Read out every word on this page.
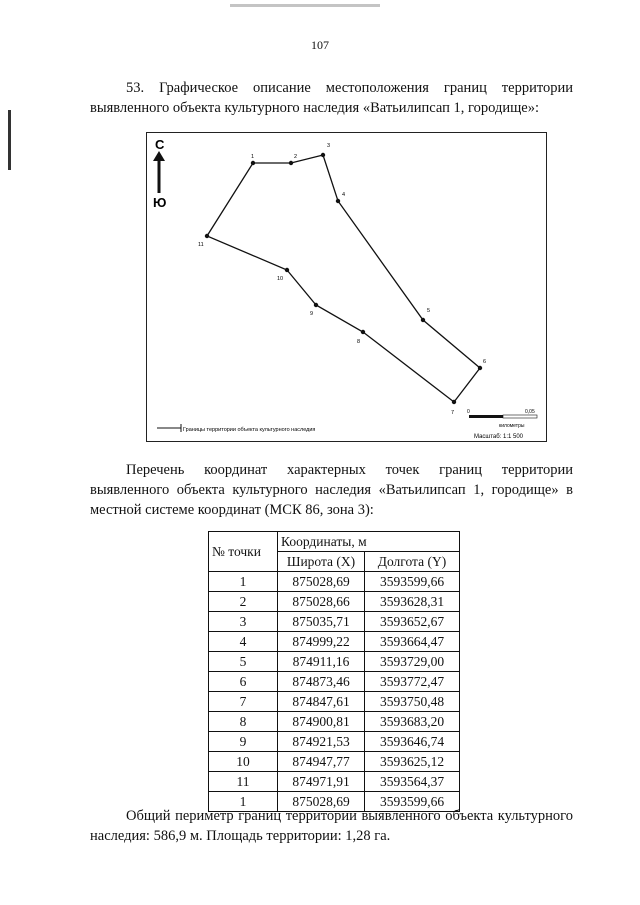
107

53. Графическое описание местоположения границ территории выявленного объекта культурного наследия «Ватьилипсап 1, городище»:

С
Ю
1	2
3
4
5
6
7
8
9
10
11
0	0,05
километры
Масштаб: 1:1 500
Границы территории объекта культурного наследия

Перечень координат характерных точек границ территории выявленного объекта культурного наследия «Ватьилипсап 1, городище» в местной системе координат (МСК 86, зона 3):

№ точки	Координаты, м	
	Широта (X)	Долгота (Y)
1	875028,69	3593599,66
2	875028,66	3593628,31
3	875035,71	3593652,67
4	874999,22	3593664,47
5	874911,16	3593729,00
6	874873,46	3593772,47
7	874847,61	3593750,48
8	874900,81	3593683,20
9	874921,53	3593646,74
10	874947,77	3593625,12
11	874971,91	3593564,37
1	875028,69	3593599,66

Общий периметр границ территории выявленного объекта культурного наследия: 586,9 м. Площадь территории: 1,28 га.
